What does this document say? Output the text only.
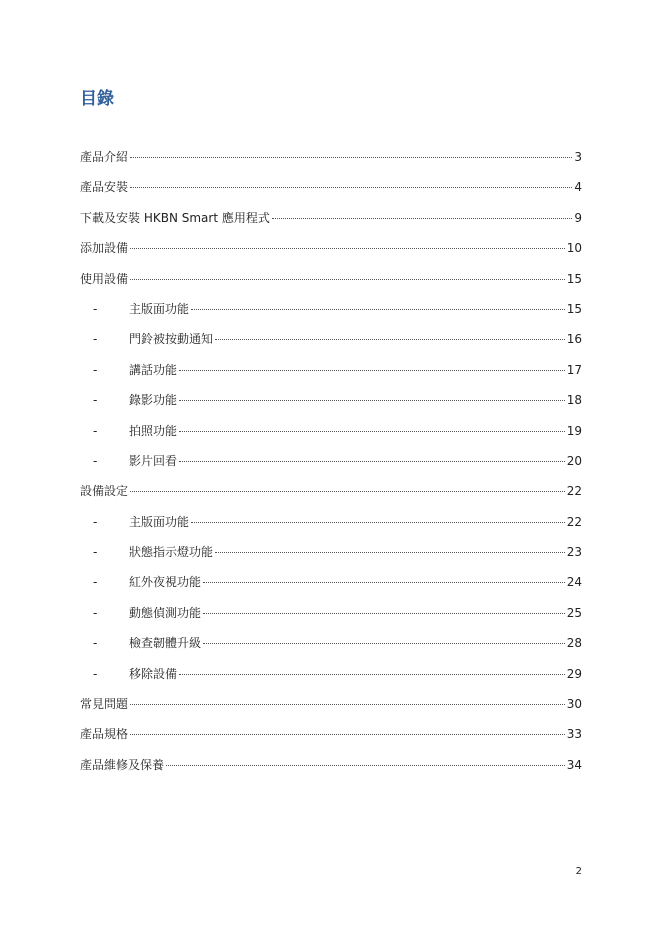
目錄
產品介紹	3
產品安裝	4
下載及安裝 HKBN Smart 應用程式	9
添加設備	10
使用設備	15
-	主版面功能	15
-	門鈴被按動通知	16
-	講話功能	17
-	錄影功能	18
-	拍照功能	19
-	影片回看	20
設備設定	22
-	主版面功能	22
-	狀態指示燈功能	23
-	紅外夜視功能	24
-	動態偵測功能	25
-	檢查韌體升級	28
-	移除設備	29
常見問題	30
產品規格	33
產品維修及保養	34
2
